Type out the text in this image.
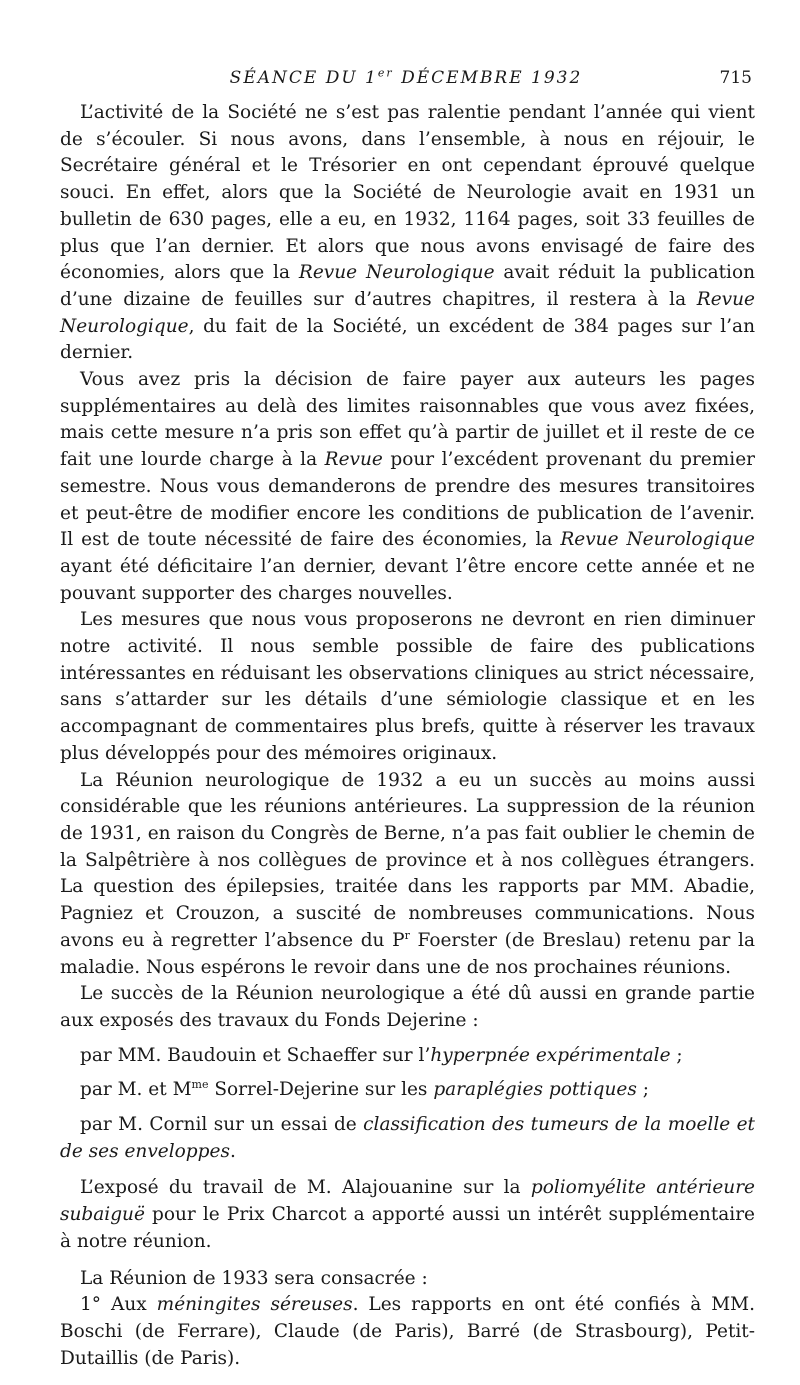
SÉANCE DU 1er DÉCEMBRE 1932	715

L’activité de la Société ne s’est pas ralentie pendant l’année qui vient de s’écouler. Si nous avons, dans l’ensemble, à nous en réjouir, le Secrétaire général et le Trésorier en ont cependant éprouvé quelque souci. En effet, alors que la Société de Neurologie avait en 1931 un bulletin de 630 pages, elle a eu, en 1932, 1164 pages, soit 33 feuilles de plus que l’an dernier. Et alors que nous avons envisagé de faire des économies, alors que la Revue Neurologique avait réduit la publication d’une dizaine de feuilles sur d’autres chapitres, il restera à la Revue Neurologique, du fait de la Société, un excédent de 384 pages sur l’an dernier.

Vous avez pris la décision de faire payer aux auteurs les pages supplémentaires au delà des limites raisonnables que vous avez fixées, mais cette mesure n’a pris son effet qu’à partir de juillet et il reste de ce fait une lourde charge à la Revue pour l’excédent provenant du premier semestre. Nous vous demanderons de prendre des mesures transitoires et peut-être de modifier encore les conditions de publication de l’avenir. Il est de toute nécessité de faire des économies, la Revue Neurologique ayant été déficitaire l’an dernier, devant l’être encore cette année et ne pouvant supporter des charges nouvelles.

Les mesures que nous vous proposerons ne devront en rien diminuer notre activité. Il nous semble possible de faire des publications intéressantes en réduisant les observations cliniques au strict nécessaire, sans s’attarder sur les détails d’une sémiologie classique et en les accompagnant de commentaires plus brefs, quitte à réserver les travaux plus développés pour des mémoires originaux.

La Réunion neurologique de 1932 a eu un succès au moins aussi considérable que les réunions antérieures. La suppression de la réunion de 1931, en raison du Congrès de Berne, n’a pas fait oublier le chemin de la Salpêtrière à nos collègues de province et à nos collègues étrangers. La question des épilepsies, traitée dans les rapports par MM. Abadie, Pagniez et Crouzon, a suscité de nombreuses communications. Nous avons eu à regretter l’absence du $P^r$ Foerster (de Breslau) retenu par la maladie. Nous espérons le revoir dans une de nos prochaines réunions.

Le succès de la Réunion neurologique a été dû aussi en grande partie aux exposés des travaux du Fonds Dejerine :

par MM. Baudouin et Schaeffer sur l’hyperpnée expérimentale ;

par M. et $M^{me}$ Sorrel-Dejerine sur les paraplégies pottiques ;

par M. Cornil sur un essai de classification des tumeurs de la moelle et de ses enveloppes.

L’exposé du travail de M. Alajouanine sur la poliomyélite antérieure subaiguë pour le Prix Charcot a apporté aussi un intérêt supplémentaire à notre réunion.

La Réunion de 1933 sera consacrée :

1° Aux méningites séreuses. Les rapports en ont été confiés à MM. Boschi (de Ferrare), Claude (de Paris), Barré (de Strasbourg), Petit-Dutaillis (de Paris).
